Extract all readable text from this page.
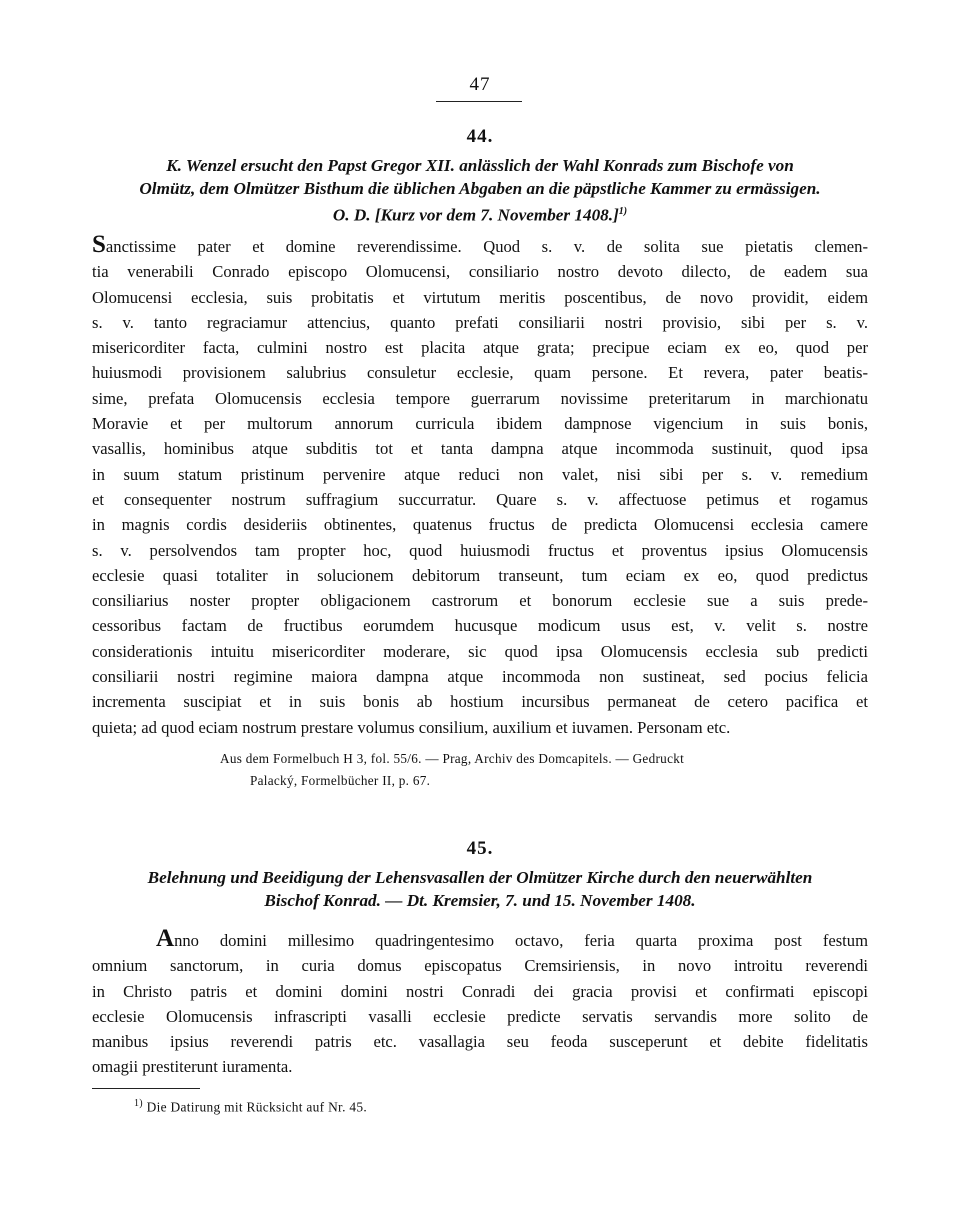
47
44.
K. Wenzel ersucht den Papst Gregor XII. anlässlich der Wahl Konrads zum Bischofe von
Olmütz, dem Olmützer Bisthum die üblichen Abgaben an die päpstliche Kammer zu ermässigen.
O. D. [Kurz vor dem 7. November 1408.]$^{1)}$
Sanctissime pater et domine reverendissime. Quod s. v. de solita sue pietatis clemen-
tia venerabili Conrado episcopo Olomucensi, consiliario nostro devoto dilecto, de eadem sua
Olomucensi ecclesia, suis probitatis et virtutum meritis poscentibus, de novo providit, eidem
s. v. tanto regraciamur attencius, quanto prefati consiliarii nostri provisio, sibi per s. v.
misericorditer facta, culmini nostro est placita atque grata; precipue eciam ex eo, quod per
huiusmodi provisionem salubrius consuletur ecclesie, quam persone. Et revera, pater beatis-
sime, prefata Olomucensis ecclesia tempore guerrarum novissime preteritarum in marchionatu
Moravie et per multorum annorum curricula ibidem dampnose vigencium in suis bonis,
vasallis, hominibus atque subditis tot et tanta dampna atque incommoda sustinuit, quod ipsa
in suum statum pristinum pervenire atque reduci non valet, nisi sibi per s. v. remedium
et consequenter nostrum suffragium succurratur. Quare s. v. affectuose petimus et rogamus
in magnis cordis desideriis obtinentes, quatenus fructus de predicta Olomucensi ecclesia camere
s. v. persolvendos tam propter hoc, quod huiusmodi fructus et proventus ipsius Olomucensis
ecclesie quasi totaliter in solucionem debitorum transeunt, tum eciam ex eo, quod predictus
consiliarius noster propter obligacionem castrorum et bonorum ecclesie sue a suis prede-
cessoribus factam de fructibus eorumdem hucusque modicum usus est, v. velit s. nostre
considerationis intuitu misericorditer moderare, sic quod ipsa Olomucensis ecclesia sub predicti
consiliarii nostri regimine maiora dampna atque incommoda non sustineat, sed pocius felicia
incrementa suscipiat et in suis bonis ab hostium incursibus permaneat de cetero pacifica et
quieta; ad quod eciam nostrum prestare volumus consilium, auxilium et iuvamen. Personam etc.
Aus dem Formelbuch H 3, fol. 55/6. — Prag, Archiv des Domcapitels. — Gedruckt
Palacký, Formelbücher II, p. 67.
45.
Belehnung und Beeidigung der Lehensvasallen der Olmützer Kirche durch den neuerwählten
Bischof Konrad. — Dt. Kremsier, 7. und 15. November 1408.
Anno domini millesimo quadringentesimo octavo, feria quarta proxima post festum
omnium sanctorum, in curia domus episcopatus Cremsiriensis, in novo introitu reverendi
in Christo patris et domini domini nostri Conradi dei gracia provisi et confirmati episcopi
ecclesie Olomucensis infrascripti vasalli ecclesie predicte servatis servandis more solito de
manibus ipsius reverendi patris etc. vasallagia seu feoda susceperunt et debite fidelitatis
omagii prestiterunt iuramenta.
$^{1)}$ Die Datirung mit Rücksicht auf Nr. 45.
